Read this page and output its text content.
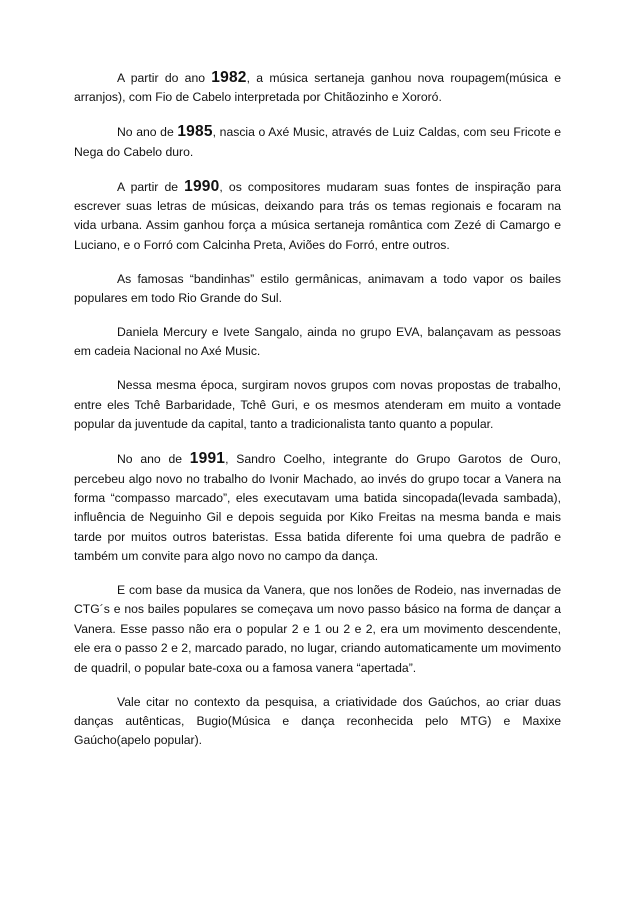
A partir do ano 1982, a música sertaneja ganhou nova roupagem(música e arranjos), com Fio de Cabelo interpretada por Chitãozinho e Xororó.

No ano de 1985, nascia o Axé Music, através de Luiz Caldas, com seu Fricote e Nega do Cabelo duro.

A partir de 1990, os compositores mudaram suas fontes de inspiração para escrever suas letras de músicas, deixando para trás os temas regionais e focaram na vida urbana. Assim ganhou força a música sertaneja romântica com Zezé di Camargo e Luciano, e o Forró com Calcinha Preta, Aviões do Forró, entre outros.

As famosas “bandinhas” estilo germânicas, animavam a todo vapor os bailes populares em todo Rio Grande do Sul.

Daniela Mercury e Ivete Sangalo, ainda no grupo EVA, balançavam as pessoas em cadeia Nacional no Axé Music.

Nessa mesma época, surgiram novos grupos com novas propostas de trabalho, entre eles Tchê Barbaridade, Tchê Guri, e os mesmos atenderam em muito a vontade popular da juventude da capital, tanto a tradicionalista tanto quanto a popular.

No ano de 1991, Sandro Coelho, integrante do Grupo Garotos de Ouro, percebeu algo novo no trabalho do Ivonir Machado, ao invés do grupo tocar a Vanera na forma “compasso marcado”, eles executavam uma batida sincopada(levada sambada), influência de Neguinho Gil e depois seguida por Kiko Freitas na mesma banda e mais tarde por muitos outros bateristas. Essa batida diferente foi uma quebra de padrão e também um convite para algo novo no campo da dança.

E com base da musica da Vanera, que nos lonões de Rodeio, nas invernadas de CTG´s e nos bailes populares se começava um novo passo básico na forma de dançar a Vanera. Esse passo não era o popular 2 e 1 ou 2 e 2, era um movimento descendente, ele era o passo 2 e 2, marcado parado, no lugar, criando automaticamente um movimento de quadril, o popular bate-coxa ou a famosa vanera “apertada”.

Vale citar no contexto da pesquisa, a criatividade dos Gaúchos, ao criar duas danças autênticas, Bugio(Música e dança reconhecida pelo MTG) e Maxixe Gaúcho(apelo popular).
